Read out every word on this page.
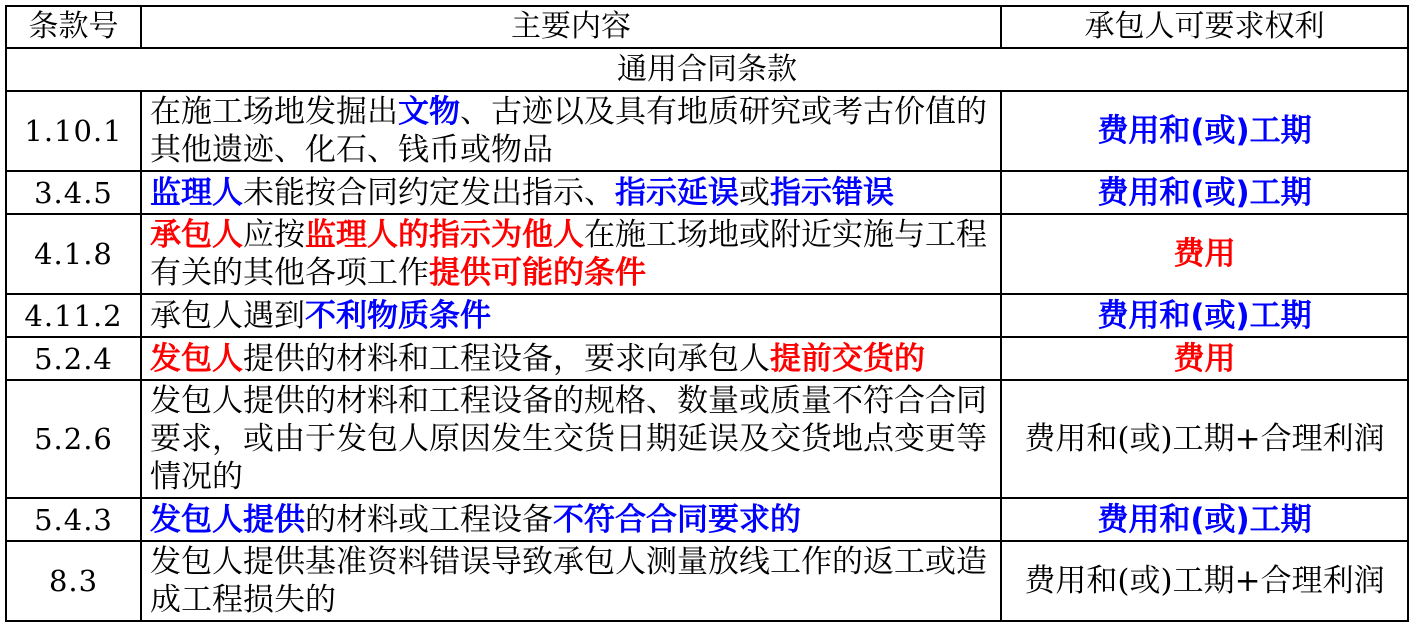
条款号	主要内容	承包人可要求权利
通用合同条款		
1.10.1	在施工场地发掘出文物、古迹以及具有地质研究或考古价值的其他遗迹、化石、钱币或物品	费用和(或)工期
3.4.5	监理人未能按合同约定发出指示、指示延误或指示错误	费用和(或)工期
4.1.8	承包人应按监理人的指示为他人在施工场地或附近实施与工程有关的其他各项工作提供可能的条件	费用
4.11.2	承包人遇到不利物质条件	费用和(或)工期
5.2.4	发包人提供的材料和工程设备，要求向承包人提前交货的	费用
5.2.6	发包人提供的材料和工程设备的规格、数量或质量不符合合同要求，或由于发包人原因发生交货日期延误及交货地点变更等情况的	费用和(或)工期+合理利润
5.4.3	发包人提供的材料或工程设备不符合合同要求的	费用和(或)工期
8.3	发包人提供基准资料错误导致承包人测量放线工作的返工或造成工程损失的	费用和(或)工期+合理利润
